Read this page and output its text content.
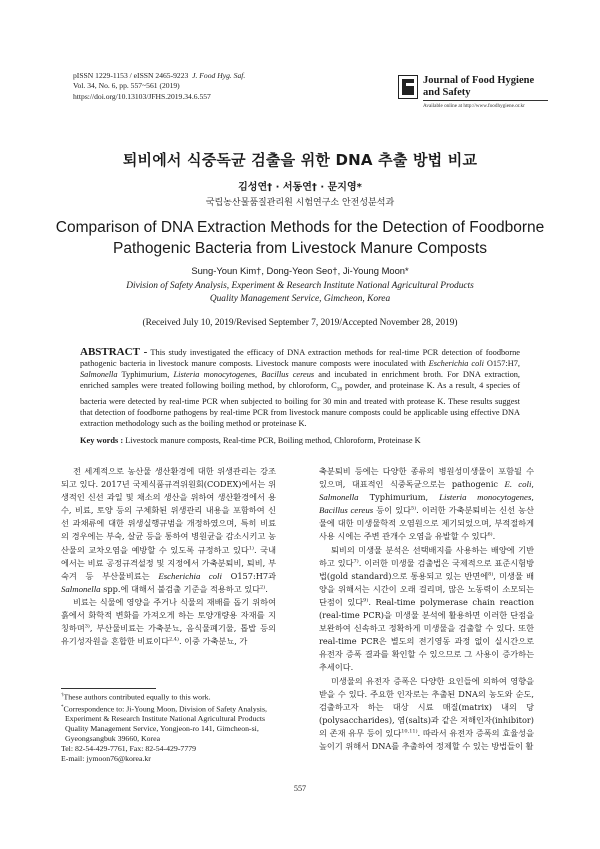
pISSN 1229-1153 / eISSN 2465-9223 J. Food Hyg. Saf.
Vol. 34, No. 6, pp. 557~561 (2019)
https://doi.org/10.13103/JFHS.2019.34.6.557
Journal of Food Hygiene
and Safety
Available online at http://www.foodhygiene.or.kr
퇴비에서 식중독균 검출을 위한 DNA 추출 방법 비교
김성연† · 서동연† · 문지영*
국립농산물품질관리원 시험연구소 안전성분석과
Comparison of DNA Extraction Methods for the Detection of Foodborne
Pathogenic Bacteria from Livestock Manure Composts
Sung-Youn Kim†, Dong-Yeon Seo†, Ji-Young Moon*
Division of Safety Analysis, Experiment & Research Institute National Agricultural Products
Quality Management Service, Gimcheon, Korea
(Received July 10, 2019/Revised September 7, 2019/Accepted November 28, 2019)
ABSTRACT - This study investigated the efficacy of DNA extraction methods for real-time PCR detection of foodborne pathogenic bacteria in livestock manure composts. Livestock manure composts were inoculated with Escherichia coli O157:H7, Salmonella Typhimurium, Listeria monocytogenes, Bacillus cereus and incubated in enrichment broth. For DNA extraction, enriched samples were treated following boiling method, by chloroform, $C_{18}$ powder, and proteinase K. As a result, 4 species of bacteria were detected by real-time PCR when subjected to boiling for 30 min and treated with protease K. These results suggest that detection of foodborne pathogens by real-time PCR from livestock manure composts could be applicable using effective DNA extraction methodology such as the boiling method or proteinase K.
Key words : Livestock manure composts, Real-time PCR, Boiling method, Chloroform, Proteinase K

전 세계적으로 농산물 생산환경에 대한 위생관리는 강조되고 있다. 2017년 국제식품규격위원회(CODEX)에서는 위생적인 신선 과일 및 채소의 생산을 위하여 생산환경에서 용수, 비료, 토양 등의 구체화된 위생관리 내용을 포함하여 신선 과채류에 대한 위생실행규범을 개정하였으며, 특히 비료의 경우에는 부숙, 살균 등을 통하여 병원균을 감소시키고 농산물의 교차오염을 예방할 수 있도록 규정하고 있다$^{1)}$. 국내에서는 비료 공정규격설정 및 지정에서 가축분퇴비, 퇴비, 부숙겨 등 부산물비료는 Escherichia coli O157:H7과 Salmonella spp.에 대해서 불검출 기준을 적용하고 있다$^{2)}$.

비료는 식물에 영양을 주거나 식물의 재배를 돕기 위하여 흙에서 화학적 변화를 가져오게 하는 토양개량용 자재를 지칭하며$^{3)}$, 부산물비료는 가축분뇨, 음식물폐기물, 톱밥 등의 유기성자원을 혼합한 비료이다$^{2,4)}$. 이중 가축분뇨, 가

축분퇴비 등에는 다양한 종류의 병원성미생물이 포함될 수 있으며, 대표적인 식중독균으로는 pathogenic E. coli, Salmonella Typhimurium, Listeria monocytogenes, Bacillus cereus 등이 있다$^{5)}$. 이러한 가축분퇴비는 신선 농산물에 대한 미생물학적 오염원으로 제기되었으며, 부적절하게 사용 시에는 주변 관개수 오염을 유발할 수 있다$^{6)}$.

퇴비의 미생물 분석은 선택배지를 사용하는 배양에 기반하고 있다$^{7)}$. 이러한 미생물 검출법은 국제적으로 표준시험방법(gold standard)으로 통용되고 있는 반면에$^{8)}$, 미생물 배양을 위해서는 시간이 오래 걸리며, 많은 노동력이 소모되는 단점이 있다$^{9)}$. Real-time polymerase chain reaction (real-time PCR)을 미생물 분석에 활용하면 이러한 단점을 보완하여 신속하고 정확하게 미생물을 검출할 수 있다. 또한 real-time PCR은 별도의 전기영동 과정 없이 실시간으로 유전자 증폭 결과를 확인할 수 있으므로 그 사용이 증가하는 추세이다.

미생물의 유전자 증폭은 다양한 요인들에 의하여 영향을 받을 수 있다. 주요한 인자로는 추출된 DNA의 농도와 순도, 검출하고자 하는 대상 시료 매질(matrix) 내의 당(polysaccharides), 염(salts)과 같은 저해인자(inhibitor)의 존재 유무 등이 있다$^{10,11)}$. 따라서 유전자 증폭의 효율성을 높이기 위해서 DNA를 추출하여 정제할 수 있는 방법들이 활

†These authors contributed equally to this work.
*Correspondence to: Ji-Young Moon, Division of Safety Analysis,
Experiment & Research Institute National Agricultural Products
Quality Management Service, Yongjeon-ro 141, Gimcheon-si,
Gyeongsangbuk 39660, Korea
Tel: 82-54-429-7761, Fax: 82-54-429-7779
E-mail: jymoon76@korea.kr
557
